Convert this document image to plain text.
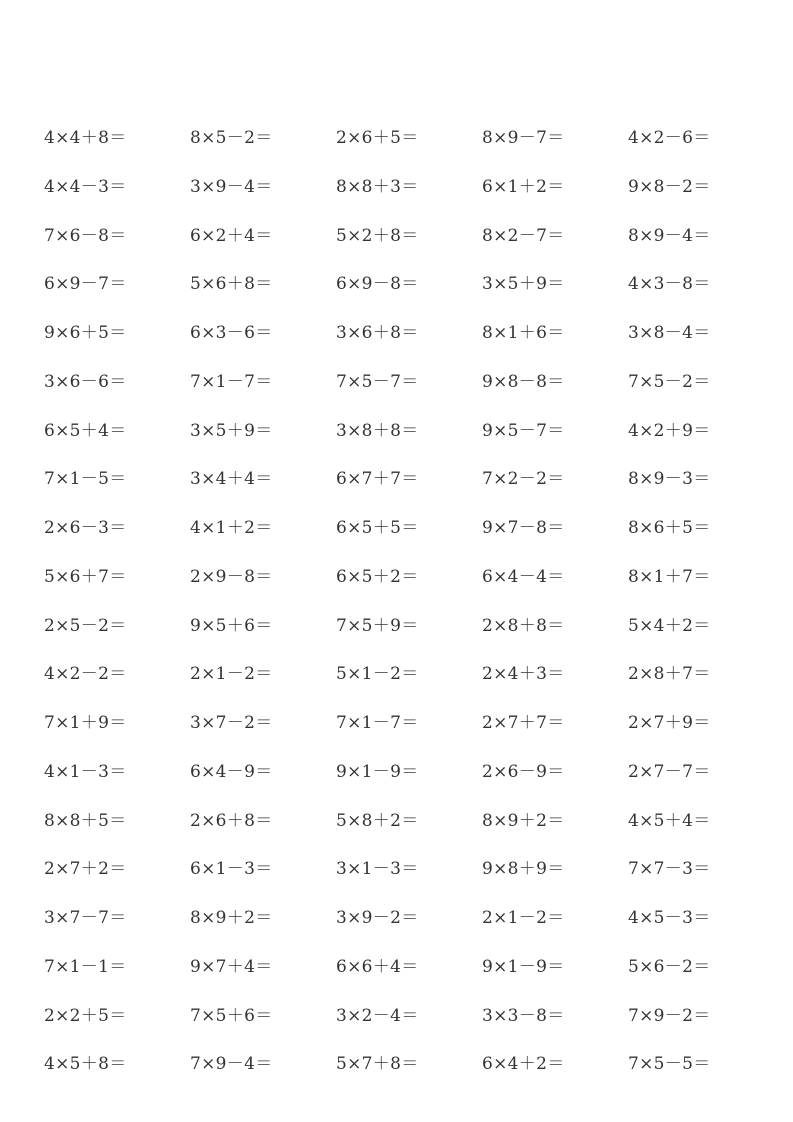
4×4＋8＝	8×5－2＝	2×6＋5＝	8×9－7＝	4×2－6＝
4×4－3＝	3×9－4＝	8×8＋3＝	6×1＋2＝	9×8－2＝
7×6－8＝	6×2＋4＝	5×2＋8＝	8×2－7＝	8×9－4＝
6×9－7＝	5×6＋8＝	6×9－8＝	3×5＋9＝	4×3－8＝
9×6＋5＝	6×3－6＝	3×6＋8＝	8×1＋6＝	3×8－4＝
3×6－6＝	7×1－7＝	7×5－7＝	9×8－8＝	7×5－2＝
6×5＋4＝	3×5＋9＝	3×8＋8＝	9×5－7＝	4×2＋9＝
7×1－5＝	3×4＋4＝	6×7＋7＝	7×2－2＝	8×9－3＝
2×6－3＝	4×1＋2＝	6×5＋5＝	9×7－8＝	8×6＋5＝
5×6＋7＝	2×9－8＝	6×5＋2＝	6×4－4＝	8×1＋7＝
2×5－2＝	9×5＋6＝	7×5＋9＝	2×8＋8＝	5×4＋2＝
4×2－2＝	2×1－2＝	5×1－2＝	2×4＋3＝	2×8＋7＝
7×1＋9＝	3×7－2＝	7×1－7＝	2×7＋7＝	2×7＋9＝
4×1－3＝	6×4－9＝	9×1－9＝	2×6－9＝	2×7－7＝
8×8＋5＝	2×6＋8＝	5×8＋2＝	8×9＋2＝	4×5＋4＝
2×7＋2＝	6×1－3＝	3×1－3＝	9×8＋9＝	7×7－3＝
3×7－7＝	8×9＋2＝	3×9－2＝	2×1－2＝	4×5－3＝
7×1－1＝	9×7＋4＝	6×6＋4＝	9×1－9＝	5×6－2＝
2×2＋5＝	7×5＋6＝	3×2－4＝	3×3－8＝	7×9－2＝
4×5＋8＝	7×9－4＝	5×7＋8＝	6×4＋2＝	7×5－5＝
